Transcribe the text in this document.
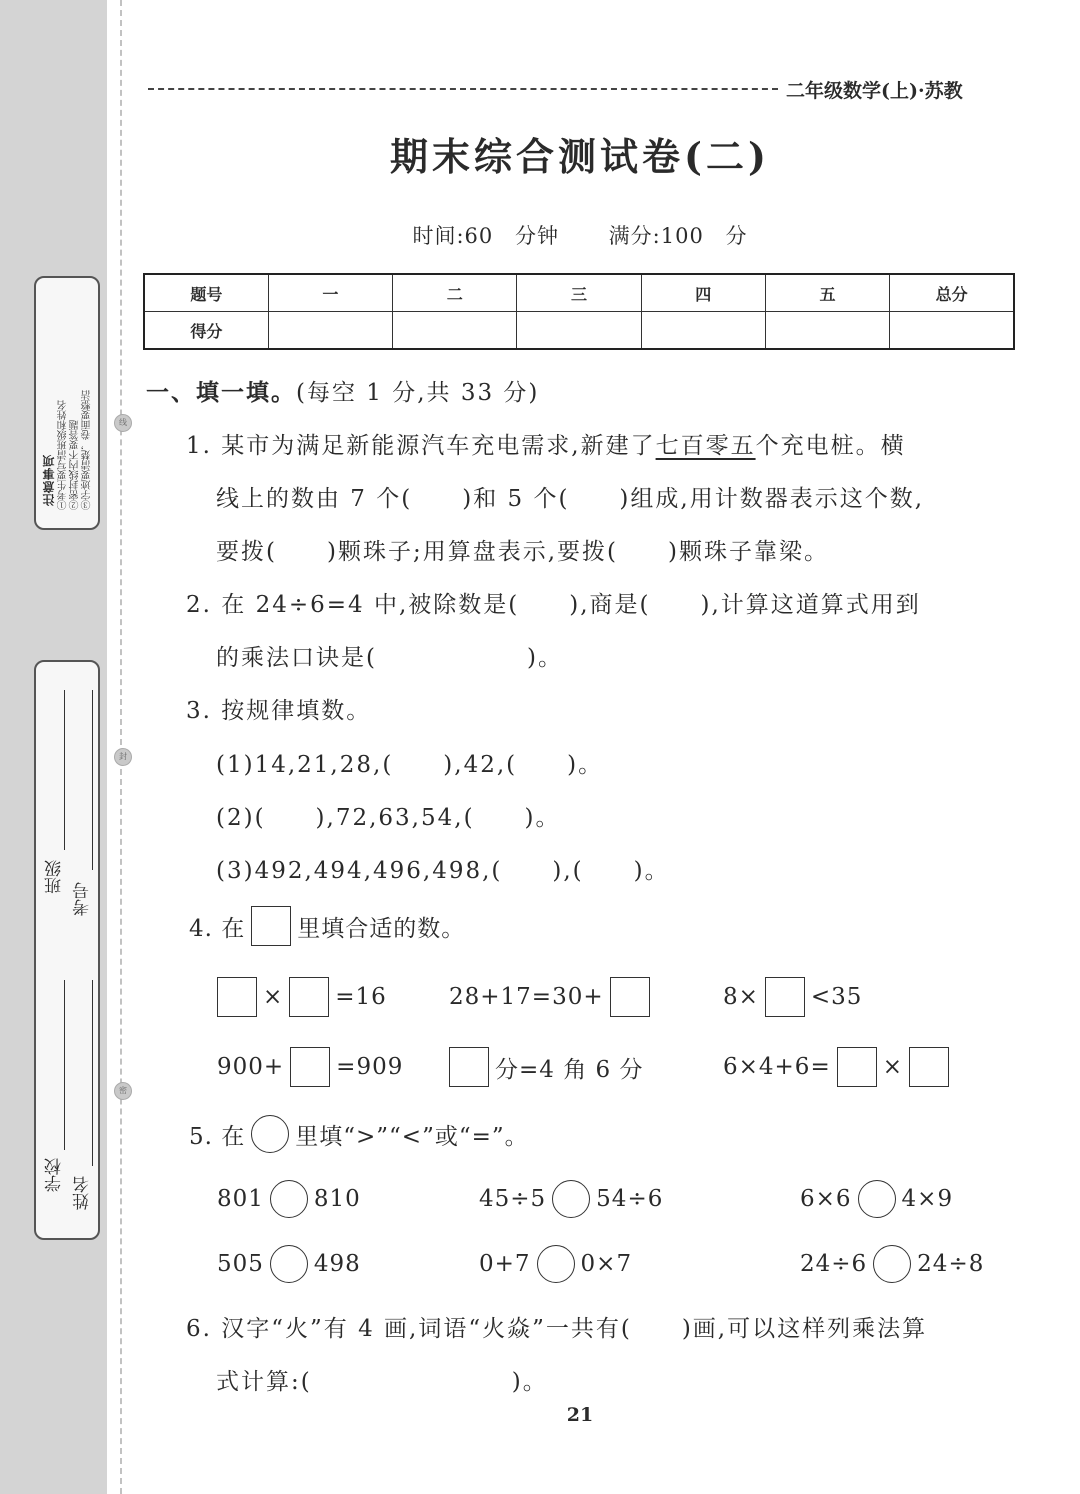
注意事项 ①考生要写清班级和姓名 ②密封线内不要答题 ③字迹要清楚，卷面要整洁
班级
学校
考号
姓名
线
封
密
二年级数学(上)·苏教
期末综合测试卷(二)
时间:60 分钟 满分:100 分
题号	一	二	三	四	五	总分
得分						
一、填一填。(每空 1 分,共 33 分)
1. 某市为满足新能源汽车充电需求,新建了七百零五个充电桩。横
线上的数由 7 个(　　)和 5 个(　　)组成,用计数器表示这个数,
要拨(　　)颗珠子;用算盘表示,要拨(　　)颗珠子靠梁。
2. 在 24÷6=4 中,被除数是(　　),商是(　　),计算这道算式用到
的乘法口诀是(　　　　　　)。
3. 按规律填数。
(1)14,21,28,(　　),42,(　　)。
(2)(　　),72,63,54,(　　)。
(3)492,494,496,498,(　　),(　　)。
4. 在 里填合适的数。
× =16	28+17=30+	8× <35
900+ =909	分=4 角 6 分	6×4+6= ×
5. 在 里填“>”“<”或“=”。
801 810	45÷5 54÷6	6×6 4×9
505 498	0+7 0×7	24÷6 24÷8
6. 汉字“火”有 4 画,词语“火焱”一共有(　　)画,可以这样列乘法算
式计算:(　　　　　　　　)。
21
